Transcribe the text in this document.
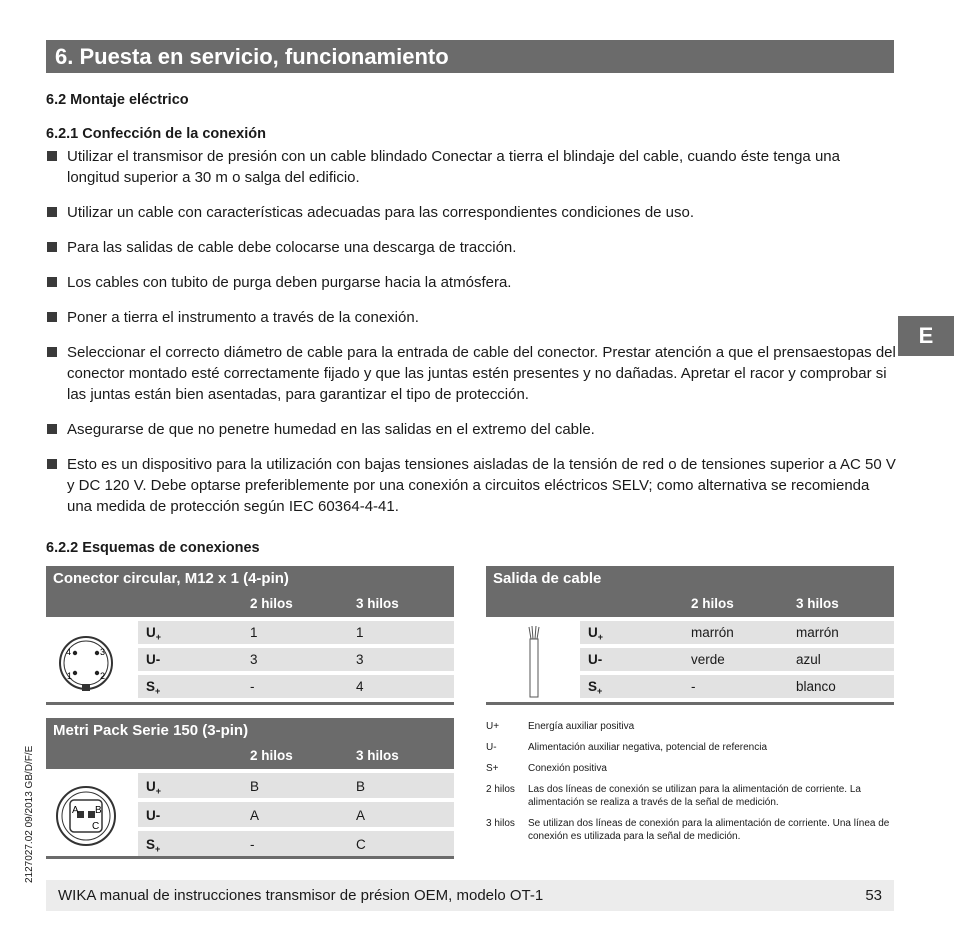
6. Puesta en servicio, funcionamiento
6.2 Montaje eléctrico
6.2.1 Confección de la conexión
Utilizar el transmisor de presión con un cable blindado Conectar a tierra el blindaje del cable, cuando éste tenga una longitud superior a 30 m o salga del edificio.
Utilizar un cable con características adecuadas para las correspondientes condiciones de uso.
Para las salidas de cable debe colocarse una descarga de tracción.
Los cables con tubito de purga deben purgarse hacia la atmósfera.
Poner a tierra el instrumento a través de la conexión.
Seleccionar el correcto diámetro de cable para la entrada de cable del conector. Prestar atención a que el prensaestopas del conector montado esté correctamente fijado y que las juntas estén presentes y no dañadas. Apretar el racor y comprobar si las juntas están bien asentadas, para garantizar el tipo de protección.
Asegurarse de que no penetre humedad en las salidas en el extremo del cable.
Esto es un dispositivo para la utilización con bajas tensiones aisladas de la tensión de red o de tensiones superior a AC 50 V y DC 120 V. Debe optarse preferiblemente por una conexión a circuitos eléctricos SELV; como alternativa se recomienda una medida de protección según IEC 60364-4-41.
E
6.2.2 Esquemas de conexiones
Conector circular, M12 x 1 (4-pin)
2 hilos	3 hilos
4	3
1	2
$U_+$	1	1
U-	3	3
$S_+$	-	4
Metri Pack Serie 150 (3-pin)
2 hilos	3 hilos
A B
C
$U_+$	B	B
U-	A	A
$S_+$	-	C
Salida de cable
2 hilos	3 hilos
$U_+$	marrón	marrón
U-	verde	azul
$S_+$	-	blanco
U+	Energía auxiliar positiva
U-	Alimentación auxiliar negativa, potencial de referencia
S+	Conexión positiva
2 hilos Las dos líneas de conexión se utilizan para la alimentación de corriente. La alimentación se realiza a través de la señal de medición.
3 hilos Se utilizan dos líneas de conexión para la alimentación de corriente. Una línea de conexión es utilizada para la señal de medición.
2127027.02 09/2013 GB/D/F/E
WIKA manual de instrucciones transmisor de présion OEM, modelo OT-1	53
